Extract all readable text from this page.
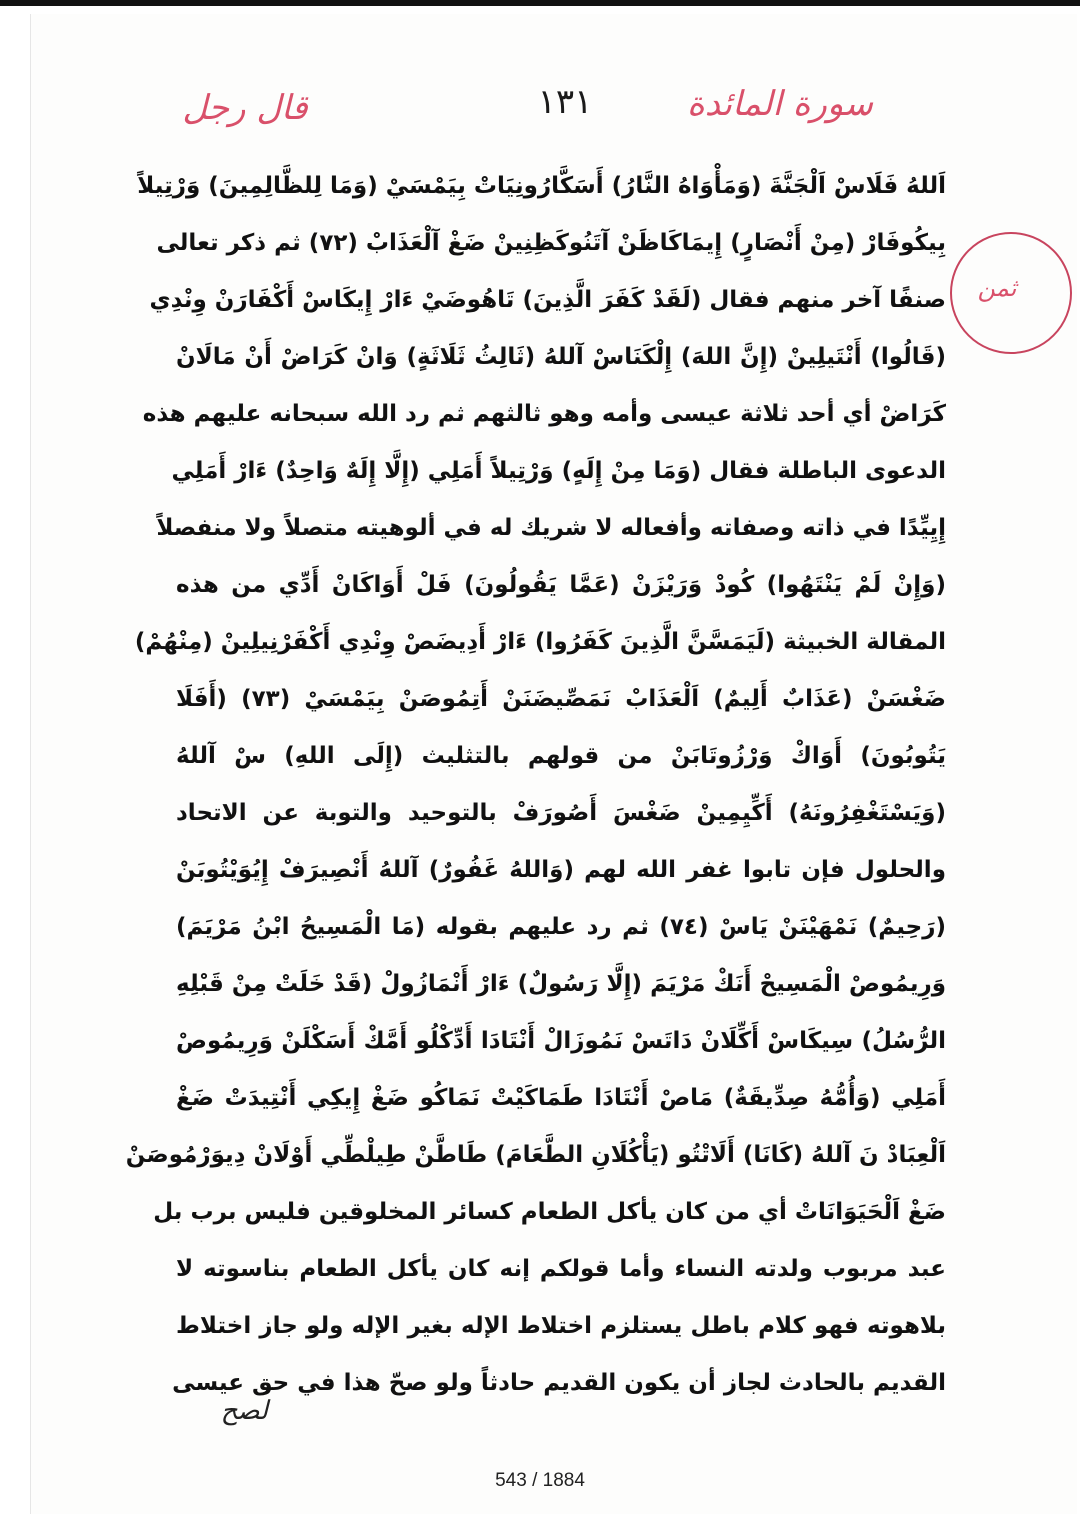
قال رجل	١٣١	سورة المائدة
ثمن
اَللهُ فَلَاسْ اَلْجَنَّةَ (وَمَأْوَاهُ النَّارُ) أَسَكَّارُونِيَاتْ بِيَمْسَيْ (وَمَا لِلظَّالِمِينَ) وَرْتِيلاً
بِيكُوفَارْ (مِنْ أَنْصَارٍ) إِيمَاكَاظَنْ آتَنُوكَظِنِينْ ضَغْ آلْعَذَابْ (٧٢) ثم ذكر تعالى
صنفًا آخر منهم فقال (لَقَدْ كَفَرَ الَّذِينَ) تَاهُوضَيْ ءَارْ إِيكَاسْ أَكْفَارَنْ وِنْدِي
(قَالُوا) أَنْتَيلِينْ (إِنَّ اللهَ) إِلْكَنَاسْ آللهُ (ثَالِثُ ثَلَاثَةٍ) وَانْ كَرَاضْ أَنْ مَالَانْ
كَرَاضْ أي أحد ثلاثة عيسى وأمه وهو ثالثهم ثم رد الله سبحانه عليهم هذه
الدعوى الباطلة فقال (وَمَا مِنْ إِلَهٍ) وَرْتِيلاً أَمَلِي (إِلَّا إِلَهٌ وَاحِدٌ) ءَارْ أَمَلِي
إِيِيِّدًا في ذاته وصفاته وأفعاله لا شريك له في ألوهيته متصلاً ولا منفصلاً
(وَإِنْ لَمْ يَنْتَهُوا) كُودْ وَرَيْزَنْ (عَمَّا يَقُولُونَ) فَلْ أَوَاكَانْ أَدِّي من هذه
المقالة الخبيثة (لَيَمَسَّنَّ الَّذِينَ كَفَرُوا) ءَارْ أَدِيضَصْ وِنْدِي أَكْفَرْنِيلِينْ (مِنْهُمْ)
ضَغْسَنْ (عَذَابٌ أَلِيمٌ) اَلْعَذَابْ نَمَصِّيضَنَنْ أَتِمُوصَنْ بِيَمْسَيْ (٧٣) (أَفَلَا
يَتُوبُونَ) أَوَاكْ وَرْزُوتَابَنْ من قولهم بالتثليث (إِلَى اللهِ) سْ آللهُ
(وَيَسْتَغْفِرُونَهُ) أَكِّيِمِينْ ضَغْسَ أَصُورَفْ بالتوحيد والتوبة عن الاتحاد
والحلول فإن تابوا غفر الله لهم (وَاللهُ غَفُورٌ) آللهُ أَنْصِيرَفْ إِيُوَيْتُوبَنْ
(رَحِيمٌ) نَمْهَيْنَنْ يَاسْ (٧٤) ثم رد عليهم بقوله (مَا الْمَسِيحُ ابْنُ مَرْيَمَ)
وَرِيمُوصْ الْمَسِيحْ أَنَكْ مَرْيَمَ (إِلَّا رَسُولٌ) ءَارْ أَنْمَازُولْ (قَدْ خَلَتْ مِنْ قَبْلِهِ
الرُّسُلُ) سِيكَاسْ أَكِّلَانْ دَاتَسْ نَمُوزَالْ أَنْتَادَا أَدِّكْلُو أَمَّكْ أَسَكْلَنْ وَرِيمُوصْ
أَمَلِي (وَأُمُّهُ صِدِّيقَةٌ) مَاصْ أَنْتَادَا طَمَاكَيْتْ نَمَاكُو ضَغْ إِيكِي أَنْتِيدَتْ ضَغْ
اَلْعِبَادْ نَ آللهُ (كَانَا) أَلَاتْتُو (يَأْكُلَانِ الطَّعَامَ) طَاطَّنْ طِيلْطِّي أَوْلَانْ دِيوَرْمُوصَنْ
ضَغْ اَلْحَيَوَانَاتْ أي من كان يأكل الطعام كسائر المخلوقين فليس برب بل
عبد مربوب ولدته النساء وأما قولكم إنه كان يأكل الطعام بناسوته لا
بلاهوته فهو كلام باطل يستلزم اختلاط الإله بغير الإله ولو جاز اختلاط
القديم بالحادث لجاز أن يكون القديم حادثاً ولو صحّ هذا في حق عيسى
لصح
543 / 1884
